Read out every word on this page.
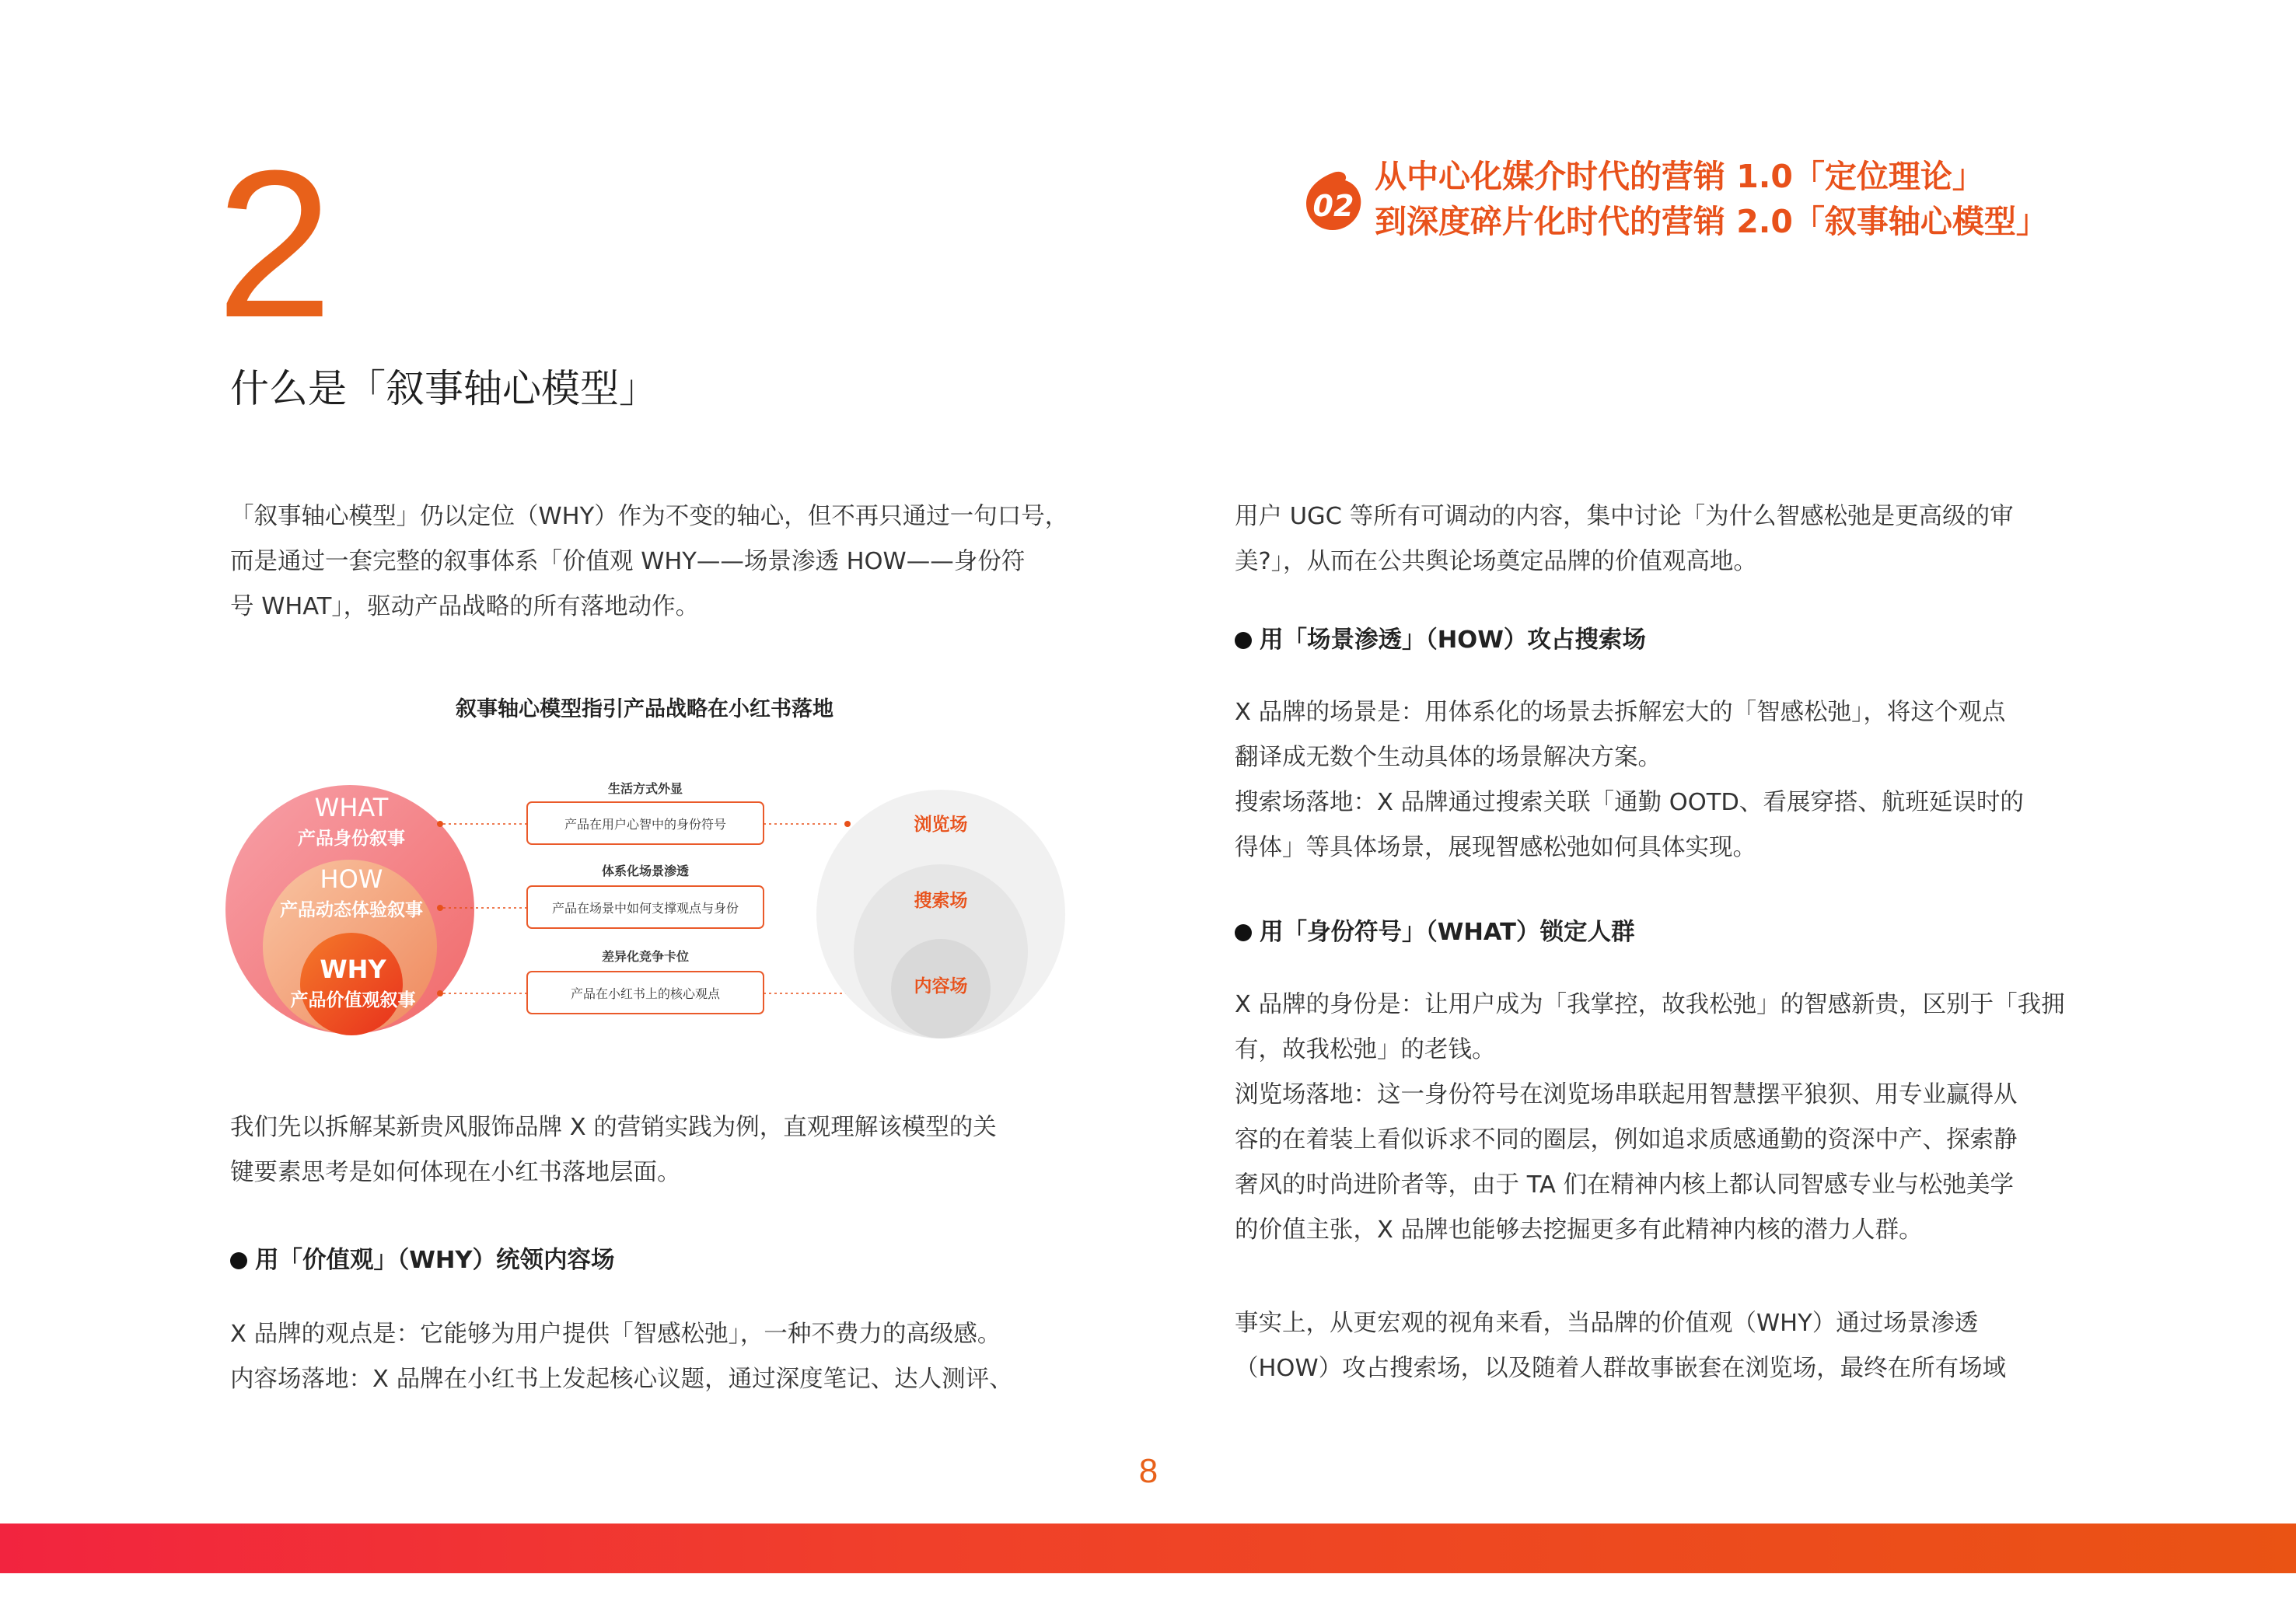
2
什么是「叙事轴心模型」
02
从中心化媒介时代的营销 1.0「定位理论」
到深度碎片化时代的营销 2.0「叙事轴心模型」

「叙事轴心模型」仍以定位（WHY）作为不变的轴心，但不再只通过一句口号，

而是通过一套完整的叙事体系「价值观 WHY——场景渗透 HOW——身份符

号 WHAT」，驱动产品战略的所有落地动作。

叙事轴心模型指引产品战略在小红书落地
WHAT
产品身份叙事
HOW
产品动态体验叙事
WHY
产品价值观叙事
生活方式外显
体系化场景渗透
差异化竞争卡位
产品在用户心智中的身份符号
产品在场景中如何支撑观点与身份
产品在小红书上的核心观点
浏览场
搜索场
内容场

我们先以拆解某新贵风服饰品牌 X 的营销实践为例，直观理解该模型的关

键要素思考是如何体现在小红书落地层面。

用「价值观」（WHY）统领内容场

X 品牌的观点是：它能够为用户提供「智感松弛」，一种不费力的高级感。

内容场落地：X 品牌在小红书上发起核心议题，通过深度笔记、达人测评、

用户 UGC 等所有可调动的内容，集中讨论「为什么智感松弛是更高级的审

美?」，从而在公共舆论场奠定品牌的价值观高地。

用「场景渗透」（HOW）攻占搜索场

X 品牌的场景是：用体系化的场景去拆解宏大的「智感松弛」，将这个观点

翻译成无数个生动具体的场景解决方案。

搜索场落地：X 品牌通过搜索关联「通勤 OOTD、看展穿搭、航班延误时的

得体」等具体场景，展现智感松弛如何具体实现。

用「身份符号」（WHAT）锁定人群

X 品牌的身份是：让用户成为「我掌控，故我松弛」的智感新贵，区别于「我拥

有，故我松弛」的老钱。

浏览场落地：这一身份符号在浏览场串联起用智慧摆平狼狈、用专业赢得从

容的在着装上看似诉求不同的圈层，例如追求质感通勤的资深中产、探索静

奢风的时尚进阶者等，由于 TA 们在精神内核上都认同智感专业与松弛美学

的价值主张，X 品牌也能够去挖掘更多有此精神内核的潜力人群。

事实上，从更宏观的视角来看，当品牌的价值观（WHY）通过场景渗透

（HOW）攻占搜索场，以及随着人群故事嵌套在浏览场，最终在所有场域

8
